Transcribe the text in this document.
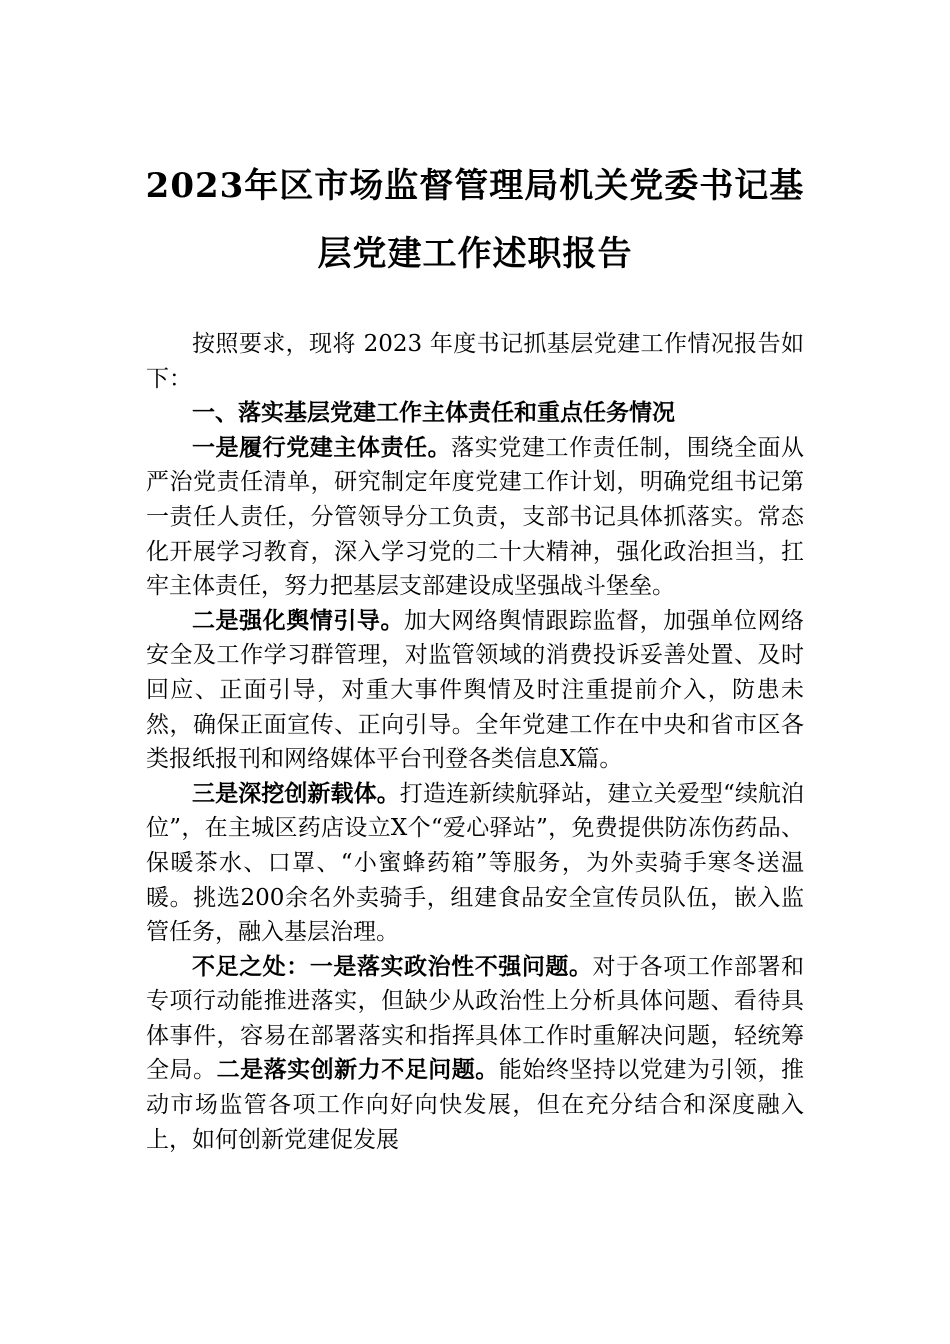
2023年区市场监督管理局机关党委书记基
层党建工作述职报告

按照要求，现将 2023 年度书记抓基层党建工作情况报告如下：

一、落实基层党建工作主体责任和重点任务情况

一是履行党建主体责任。落实党建工作责任制，围绕全面从严治党责任清单，研究制定年度党建工作计划，明确党组书记第一责任人责任，分管领导分工负责，支部书记具体抓落实。常态化开展学习教育，深入学习党的二十大精神，强化政治担当，扛牢主体责任，努力把基层支部建设成坚强战斗堡垒。

二是强化舆情引导。加大网络舆情跟踪监督，加强单位网络安全及工作学习群管理，对监管领域的消费投诉妥善处置、及时回应、正面引导，对重大事件舆情及时注重提前介入，防患未然，确保正面宣传、正向引导。全年党建工作在中央和省市区各类报纸报刊和网络媒体平台刊登各类信息X篇。

三是深挖创新载体。打造连新续航驿站，建立关爱型“续航泊位”，在主城区药店设立X个“爱心驿站”，免费提供防冻伤药品、保暖茶水、口罩、“小蜜蜂药箱”等服务，为外卖骑手寒冬送温暖。挑选200余名外卖骑手，组建食品安全宣传员队伍，嵌入监管任务，融入基层治理。

不足之处：一是落实政治性不强问题。对于各项工作部署和专项行动能推进落实，但缺少从政治性上分析具体问题、看待具体事件，容易在部署落实和指挥具体工作时重解决问题，轻统筹全局。二是落实创新力不足问题。能始终坚持以党建为引领，推动市场监管各项工作向好向快发展，但在充分结合和深度融入上，如何创新党建促发展
